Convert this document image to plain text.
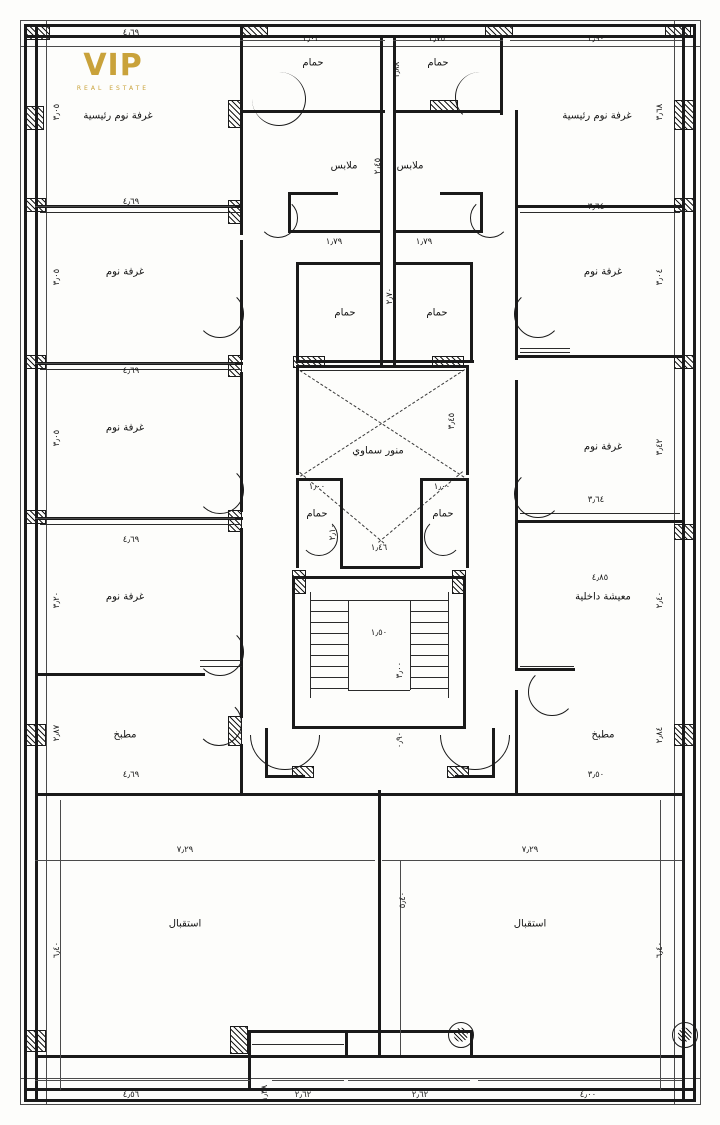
VIP
REAL ESTATE
غرفة نوم رئيسية	غرفة نوم رئيسية
حمام	حمام
ملابس	ملابس
غرفة نوم	غرفة نوم
حمام	حمام
غرفة نوم
غرفة نوم
منور سماوي
حمام	حمام
غرفة نوم	معيشة داخلية
مطبخ	مطبخ
استقبال	استقبال
٣٫٠٢	٢٫٧٥	٣٫٩٠
٤٫٦٩
٤٫٦٩
٤٫٦٩
٤٫٦٩
٤٫٦٩
٣٫٦٤
٣٫٦٤
١٫٧٩	١٫٧٩
١٫٠٠	١٫٠٠
١٫٤٦
١٫٥٠
٤٫٨٥
٣٫٥٠
٧٫٢٩	٧٫٢٩
٤٫٥٦	٢٫٦٢	٢٫٦٢	٤٫٠٠
١٫٣٨
٣٫٠٥
٣٫٠٥
٣٫٠٥
٣٫٢٠
٢٫٨٧
٦٫٤٠
٣٫٦٨
٣٫٠٤
٣٫٤٢
٢٫٤٠
٢٫٨٤
٦٫٤٠
١٫٨٨
٢٫٤٥
٢٫٧٠
٣٫٤٥
٢٫١٠
٣٫٠٠
٠٫٩٠
٥٫٤٠
